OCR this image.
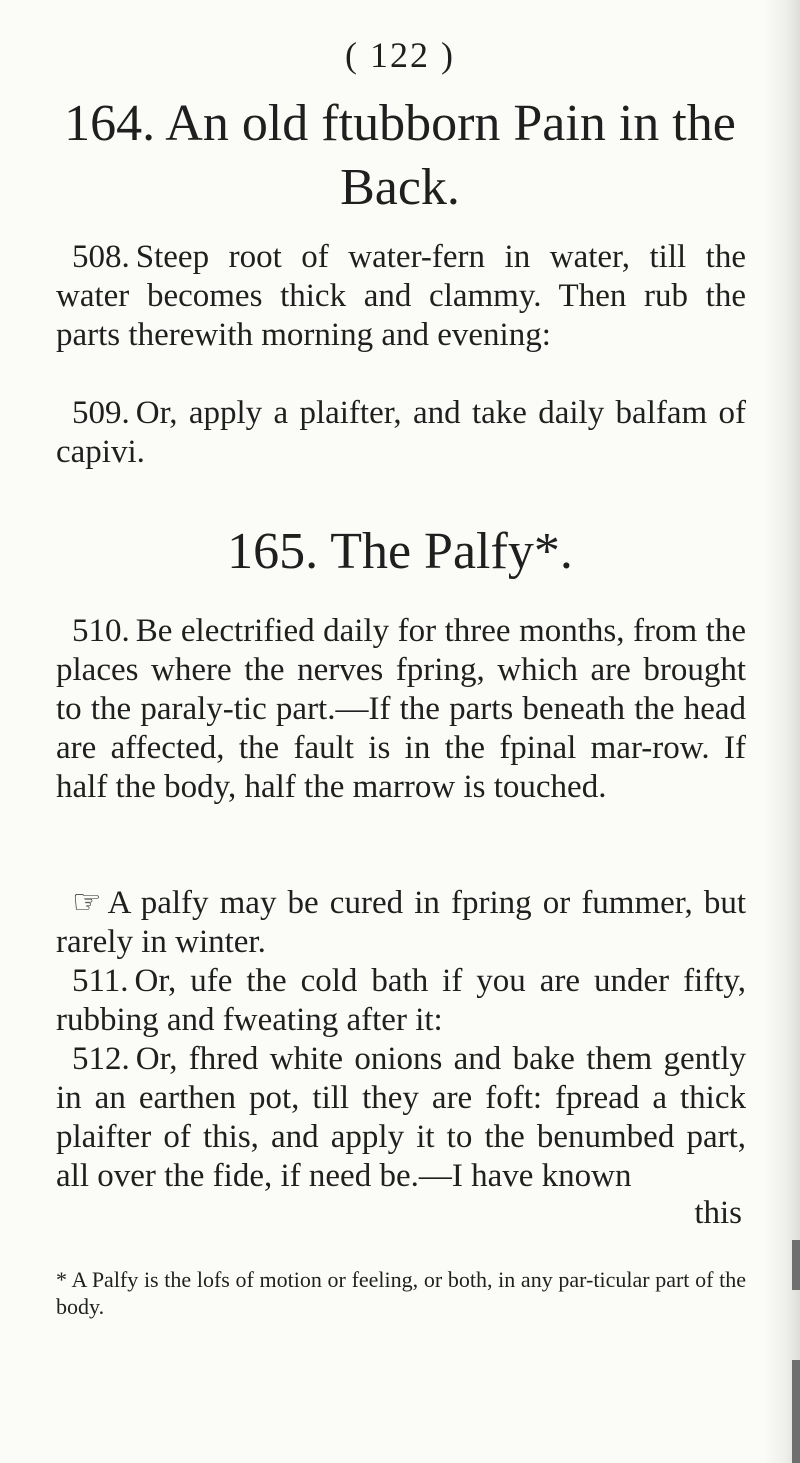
( 122 )
164. An old ftubborn Pain in the Back.

508. Steep root of water-fern in water, till the water becomes thick and clammy. Then rub the parts therewith morning and evening:

509. Or, apply a plaifter, and take daily balfam of capivi.

165. The Palfy*.

510. Be electrified daily for three months, from the places where the nerves fpring, which are brought to the paraly-tic part.—If the parts beneath the head are affected, the fault is in the fpinal mar-row. If half the body, half the marrow is touched.

☞ A palfy may be cured in fpring or fummer, but rarely in winter.

511. Or, ufe the cold bath if you are under fifty, rubbing and fweating after it:

512. Or, fhred white onions and bake them gently in an earthen pot, till they are foft: fpread a thick plaifter of this, and apply it to the benumbed part, all over the fide, if need be.—I have known

this

* A Palfy is the lofs of motion or feeling, or both, in any par-ticular part of the body.
